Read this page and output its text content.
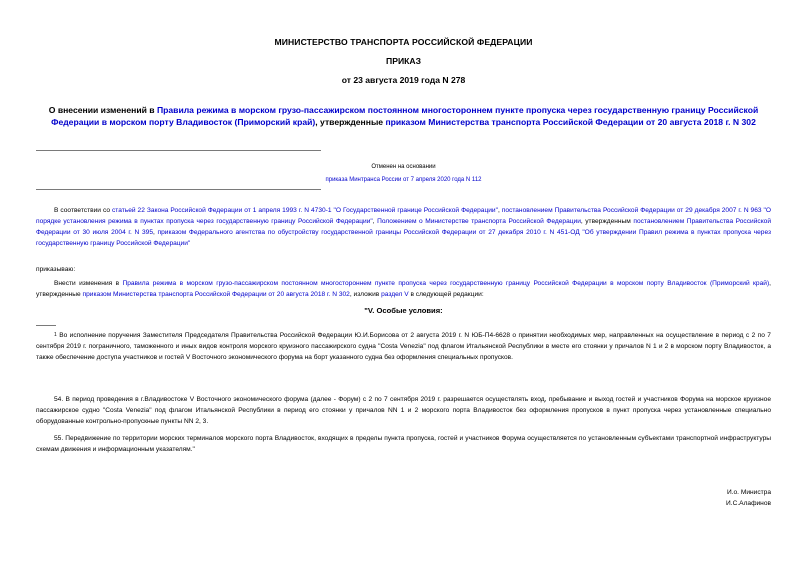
МИНИСТЕРСТВО ТРАНСПОРТА РОССИЙСКОЙ ФЕДЕРАЦИИ
ПРИКАЗ
от 23 августа 2019 года N 278
О внесении изменений в Правила режима в морском грузо-пассажирском постоянном многостороннем пункте пропуска через государственную границу Российской Федерации в морском порту Владивосток (Приморский край), утвержденные приказом Министерства транспорта Российской Федерации от 20 августа 2018 г. N 302
Отменен на основании
приказа Минтранса России от 7 апреля 2020 года N 112
В соответствии со статьей 22 Закона Российской Федерации от 1 апреля 1993 г. N 4730-1 "О Государственной границе Российской Федерации", постановлением Правительства Российской Федерации от 29 декабря 2007 г. N 963 "О порядке установления режима в пунктах пропуска через государственную границу Российской Федерации", Положением о Министерстве транспорта Российской Федерации, утвержденным постановлением Правительства Российской Федерации от 30 июля 2004 г. N 395, приказом Федерального агентства по обустройству государственной границы Российской Федерации от 27 декабря 2010 г. N 451-ОД "Об утверждении Правил режима в пунктах пропуска через государственную границу Российской Федерации"
приказываю:
Внести изменения в Правила режима в морском грузо-пассажирском постоянном многостороннем пункте пропуска через государственную границу Российской Федерации в морском порту Владивосток (Приморский край), утвержденные приказом Министерства транспорта Российской Федерации от 20 августа 2018 г. N 302, изложив раздел V в следующей редакции:
"V. Особые условия:
1 Во исполнение поручения Заместителя Председателя Правительства Российской Федерации Ю.И.Борисова от 2 августа 2019 г. N ЮБ-П4-6628 о принятии необходимых мер, направленных на осуществление в период с 2 по 7 сентября 2019 г. пограничного, таможенного и иных видов контроля морского круизного пассажирского судна "Costa Venezia" под флагом Итальянской Республики в месте его стоянки у причалов N 1 и 2 в морском порту Владивосток, а также обеспечение доступа участников и гостей V Восточного экономического форума на борт указанного судна без оформления специальных пропусков.
54. В период проведения в г.Владивостоке V Восточного экономического форума (далее - Форум) с 2 по 7 сентября 2019 г. разрешается осуществлять вход, пребывание и выход гостей и участников Форума на морское круизное пассажирское судно "Costa Venezia" под флагом Итальянской Республики в период его стоянки у причалов NN 1 и 2 морского порта Владивосток без оформления пропусков в пункт пропуска через установленные специально оборудованные контрольно-пропускные пункты NN 2, 3.
55. Передвижение по территории морских терминалов морского порта Владивосток, входящих в пределы пункта пропуска, гостей и участников Форума осуществляется по установленным субъектами транспортной инфраструктуры схемам движения и информационным указателям."
И.о. Министра
И.С.Алафинов
